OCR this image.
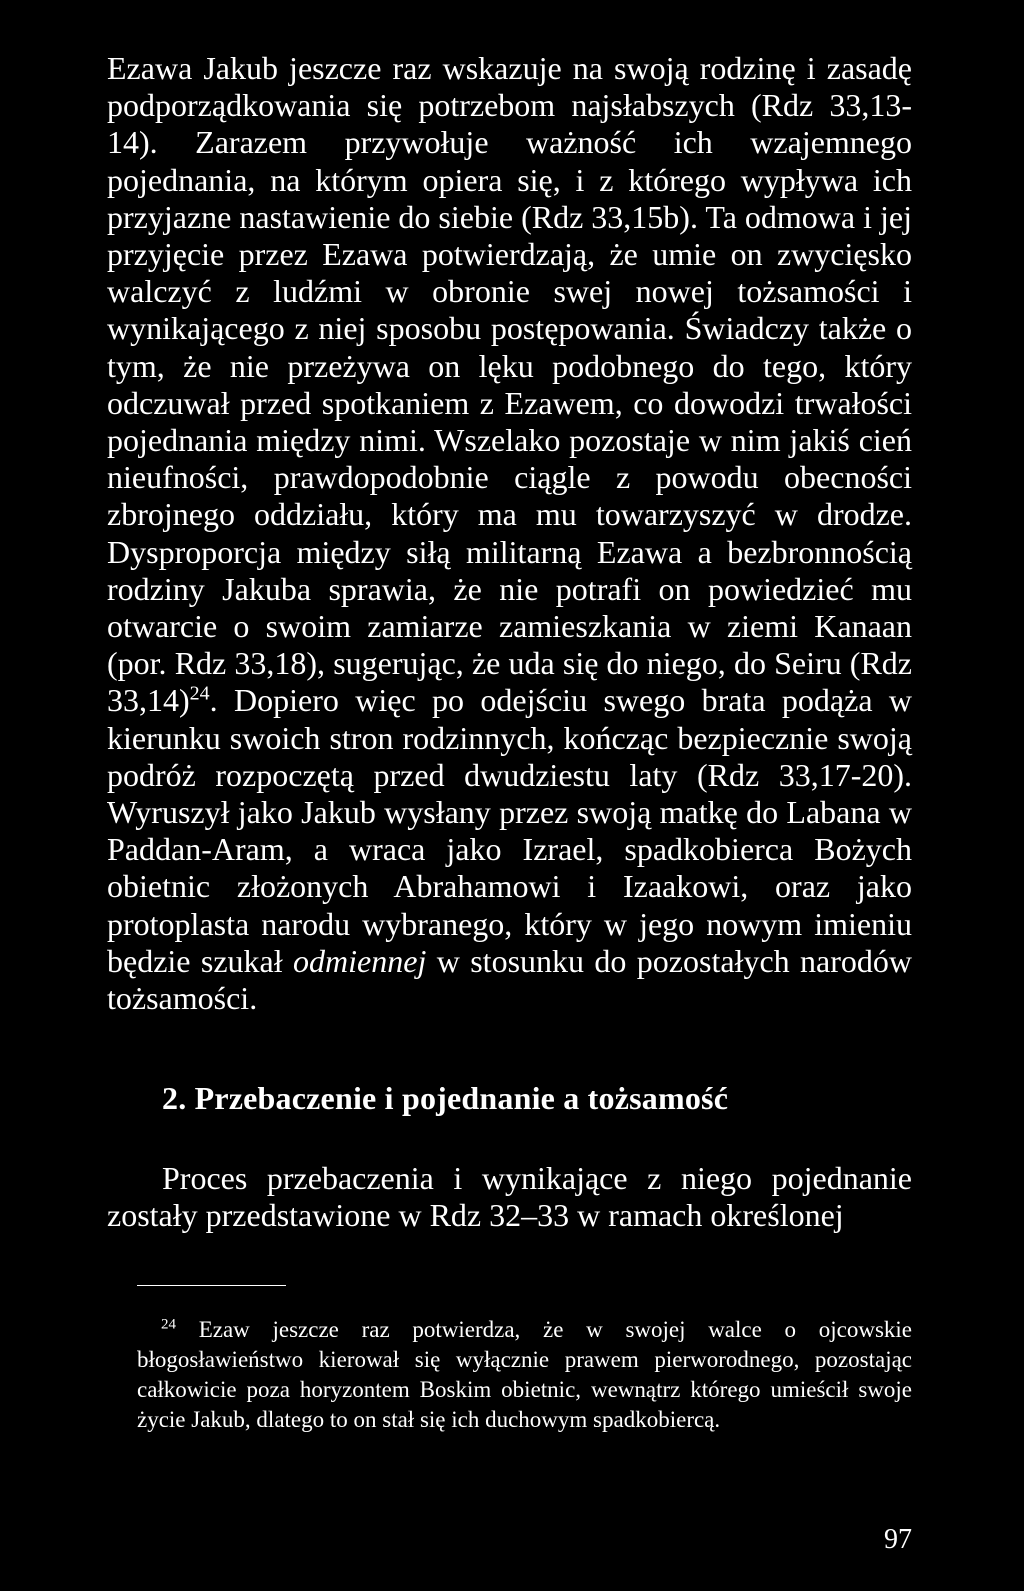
Ezawa Jakub jeszcze raz wskazuje na swoją rodzinę i zasadę podporządkowania się potrzebom najsłabszych (Rdz 33,13-14). Zarazem przywołuje ważność ich wzajemnego pojednania, na którym opiera się, i z którego wypływa ich przyjazne nastawienie do siebie (Rdz 33,15b). Ta odmowa i jej przyjęcie przez Ezawa potwierdzają, że umie on zwycięsko walczyć z ludźmi w obronie swej nowej tożsamości i wynikającego z niej sposobu postępowania. Świadczy także o tym, że nie przeżywa on lęku podobnego do tego, który odczuwał przed spotkaniem z Ezawem, co dowodzi trwałości pojednania między nimi. Wszelako pozostaje w nim jakiś cień nieufności, prawdopodobnie ciągle z powodu obecności zbrojnego oddziału, który ma mu towarzyszyć w drodze. Dysproporcja między siłą militarną Ezawa a bezbronnością rodziny Jakuba sprawia, że nie potrafi on powiedzieć mu otwarcie o swoim zamiarze zamieszkania w ziemi Kanaan (por. Rdz 33,18), sugerując, że uda się do niego, do Seiru (Rdz 33,14)$^{24}$. Dopiero więc po odejściu swego brata podąża w kierunku swoich stron rodzinnych, kończąc bezpiecznie swoją podróż rozpoczętą przed dwudziestu laty (Rdz 33,17-20). Wyruszył jako Jakub wysłany przez swoją matkę do Labana w Paddan-Aram, a wraca jako Izrael, spadkobierca Bożych obietnic złożonych Abrahamowi i Izaakowi, oraz jako protoplasta narodu wybranego, który w jego nowym imieniu będzie szukał odmiennej w stosunku do pozostałych narodów tożsamości.

2. Przebaczenie i pojednanie a tożsamość

Proces przebaczenia i wynikające z niego pojednanie zostały przedstawione w Rdz 32–33 w ramach określonej

$^{24}$ Ezaw jeszcze raz potwierdza, że w swojej walce o ojcowskie błogosławieństwo kierował się wyłącznie prawem pierworodnego, pozostając całkowicie poza horyzontem Boskim obietnic, wewnątrz którego umieścił swoje życie Jakub, dlatego to on stał się ich duchowym spadkobiercą.

97
